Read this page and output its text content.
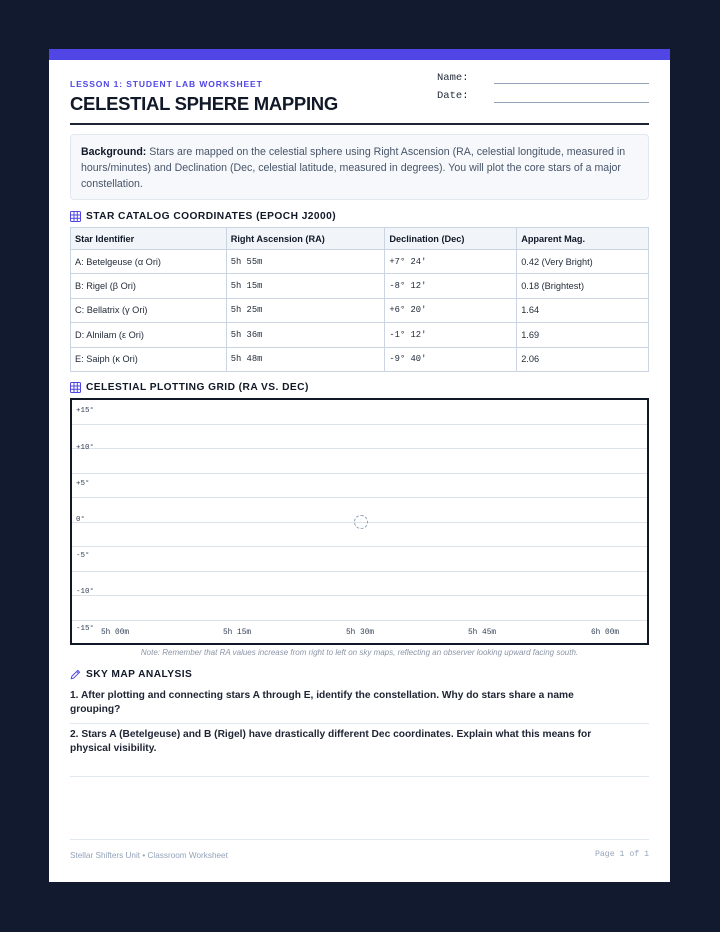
LESSON 1: STUDENT LAB WORKSHEET
CELESTIAL SPHERE MAPPING
Name:
Date:
Background: Stars are mapped on the celestial sphere using Right Ascension (RA, celestial longitude, measured in hours/minutes) and Declination (Dec, celestial latitude, measured in degrees). You will plot the core stars of a major constellation.
STAR CATALOG COORDINATES (EPOCH J2000)
Star Identifier	Right Ascension (RA)	Declination (Dec)	Apparent Mag.
A: Betelgeuse (α Ori)	5h 55m	+7° 24'	0.42 (Very Bright)
B: Rigel (β Ori)	5h 15m	-8° 12'	0.18 (Brightest)
C: Bellatrix (γ Ori)	5h 25m	+6° 20'	1.64
D: Alnilam (ε Ori)	5h 36m	-1° 12'	1.69
E: Saiph (κ Ori)	5h 48m	-9° 40'	2.06
CELESTIAL PLOTTING GRID (RA VS. DEC)
+15°
+10°
+5°
0°
-5°
-10°
-15° 5h 00m	5h 15m	5h 30m	5h 45m	6h 00m
Note: Remember that RA values increase from right to left on sky maps, reflecting an observer looking upward facing south.
SKY MAP ANALYSIS
1. After plotting and connecting stars A through E, identify the constellation. Why do stars share a name grouping?
2. Stars A (Betelgeuse) and B (Rigel) have drastically different Dec coordinates. Explain what this means for physical visibility.
Stellar Shifters Unit • Classroom Worksheet	Page 1 of 1
